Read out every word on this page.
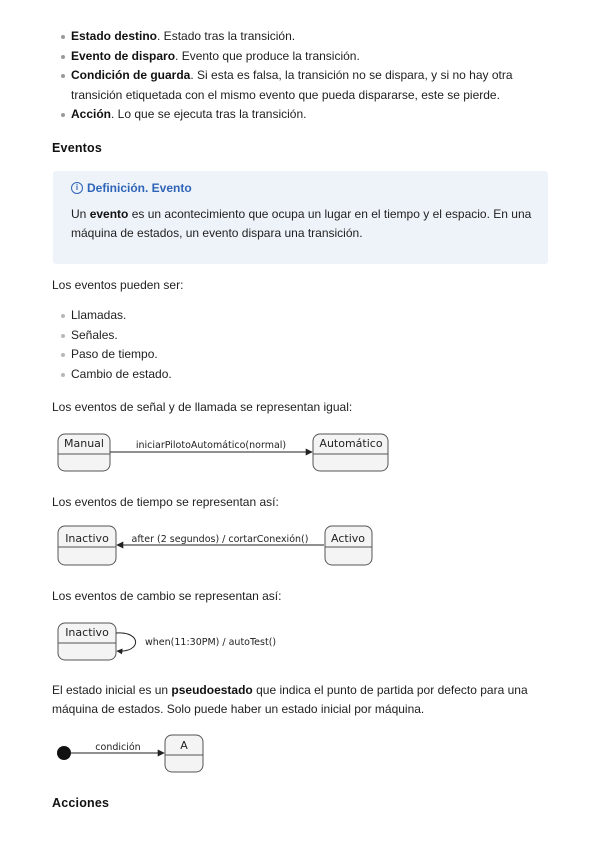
Estado destino. Estado tras la transición.
Evento de disparo. Evento que produce la transición.
Condición de guarda. Si esta es falsa, la transición no se dispara, y si no hay otra transición etiquetada con el mismo evento que pueda dispararse, este se pierde.
Acción. Lo que se ejecuta tras la transición.
Eventos
i Definición. Evento
Un evento es un acontecimiento que ocupa un lugar en el tiempo y el espacio. En una máquina de estados, un evento dispara una transición.

Los eventos pueden ser:

Llamadas.
Señales.
Paso de tiempo.
Cambio de estado.

Los eventos de señal y de llamada se representan igual:

Manual	iniciarPilotoAutomático(normal)	Automático

Los eventos de tiempo se representan así:

Inactivo after (2 segundos) / cortarConexión() Activo

Los eventos de cambio se representan así:

Inactivo
when(11:30PM) / autoTest()

El estado inicial es un pseudoestado que indica el punto de partida por defecto para una máquina de estados. Solo puede haber un estado inicial por máquina.

condición	A
Acciones
